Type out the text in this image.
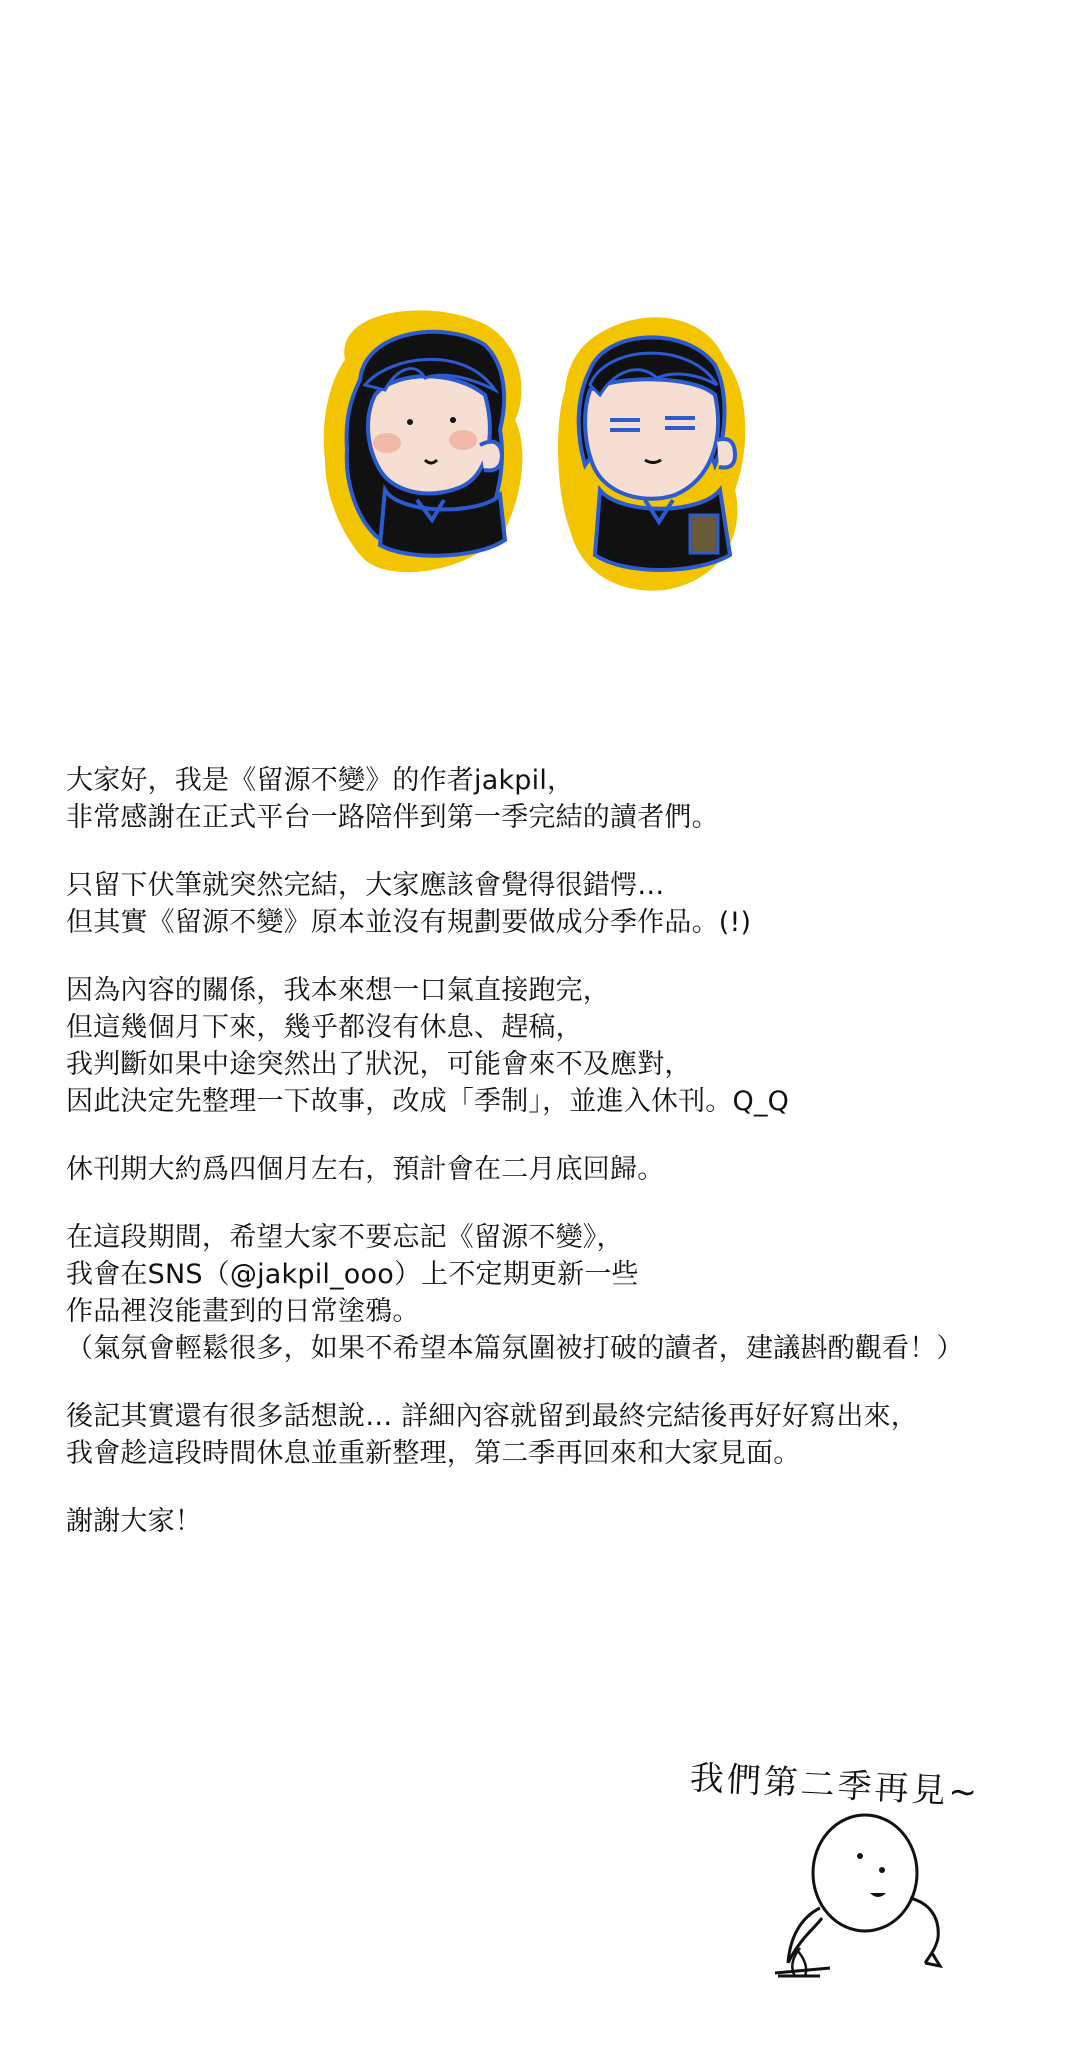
大家好，我是《留源不變》的作者jakpil，
非常感謝在正式平台一路陪伴到第一季完結的讀者們。

只留下伏筆就突然完結，大家應該會覺得很錯愕…
但其實《留源不變》原本並沒有規劃要做成分季作品。(!)

因為內容的關係，我本來想一口氣直接跑完，
但這幾個月下來，幾乎都沒有休息、趕稿，
我判斷如果中途突然出了狀況，可能會來不及應對，
因此決定先整理一下故事，改成「季制」，並進入休刊。Q_Q

休刊期大約爲四個月左右，預計會在二月底回歸。

在這段期間，希望大家不要忘記《留源不變》，
我會在SNS（@jakpil_ooo）上不定期更新一些
作品裡沒能畫到的日常塗鴉。
（氣氛會輕鬆很多，如果不希望本篇氛圍被打破的讀者，建議斟酌觀看！）

後記其實還有很多話想說… 詳細內容就留到最終完結後再好好寫出來，
我會趁這段時間休息並重新整理，第二季再回來和大家見面。

謝謝大家！

我們第二季再見~
